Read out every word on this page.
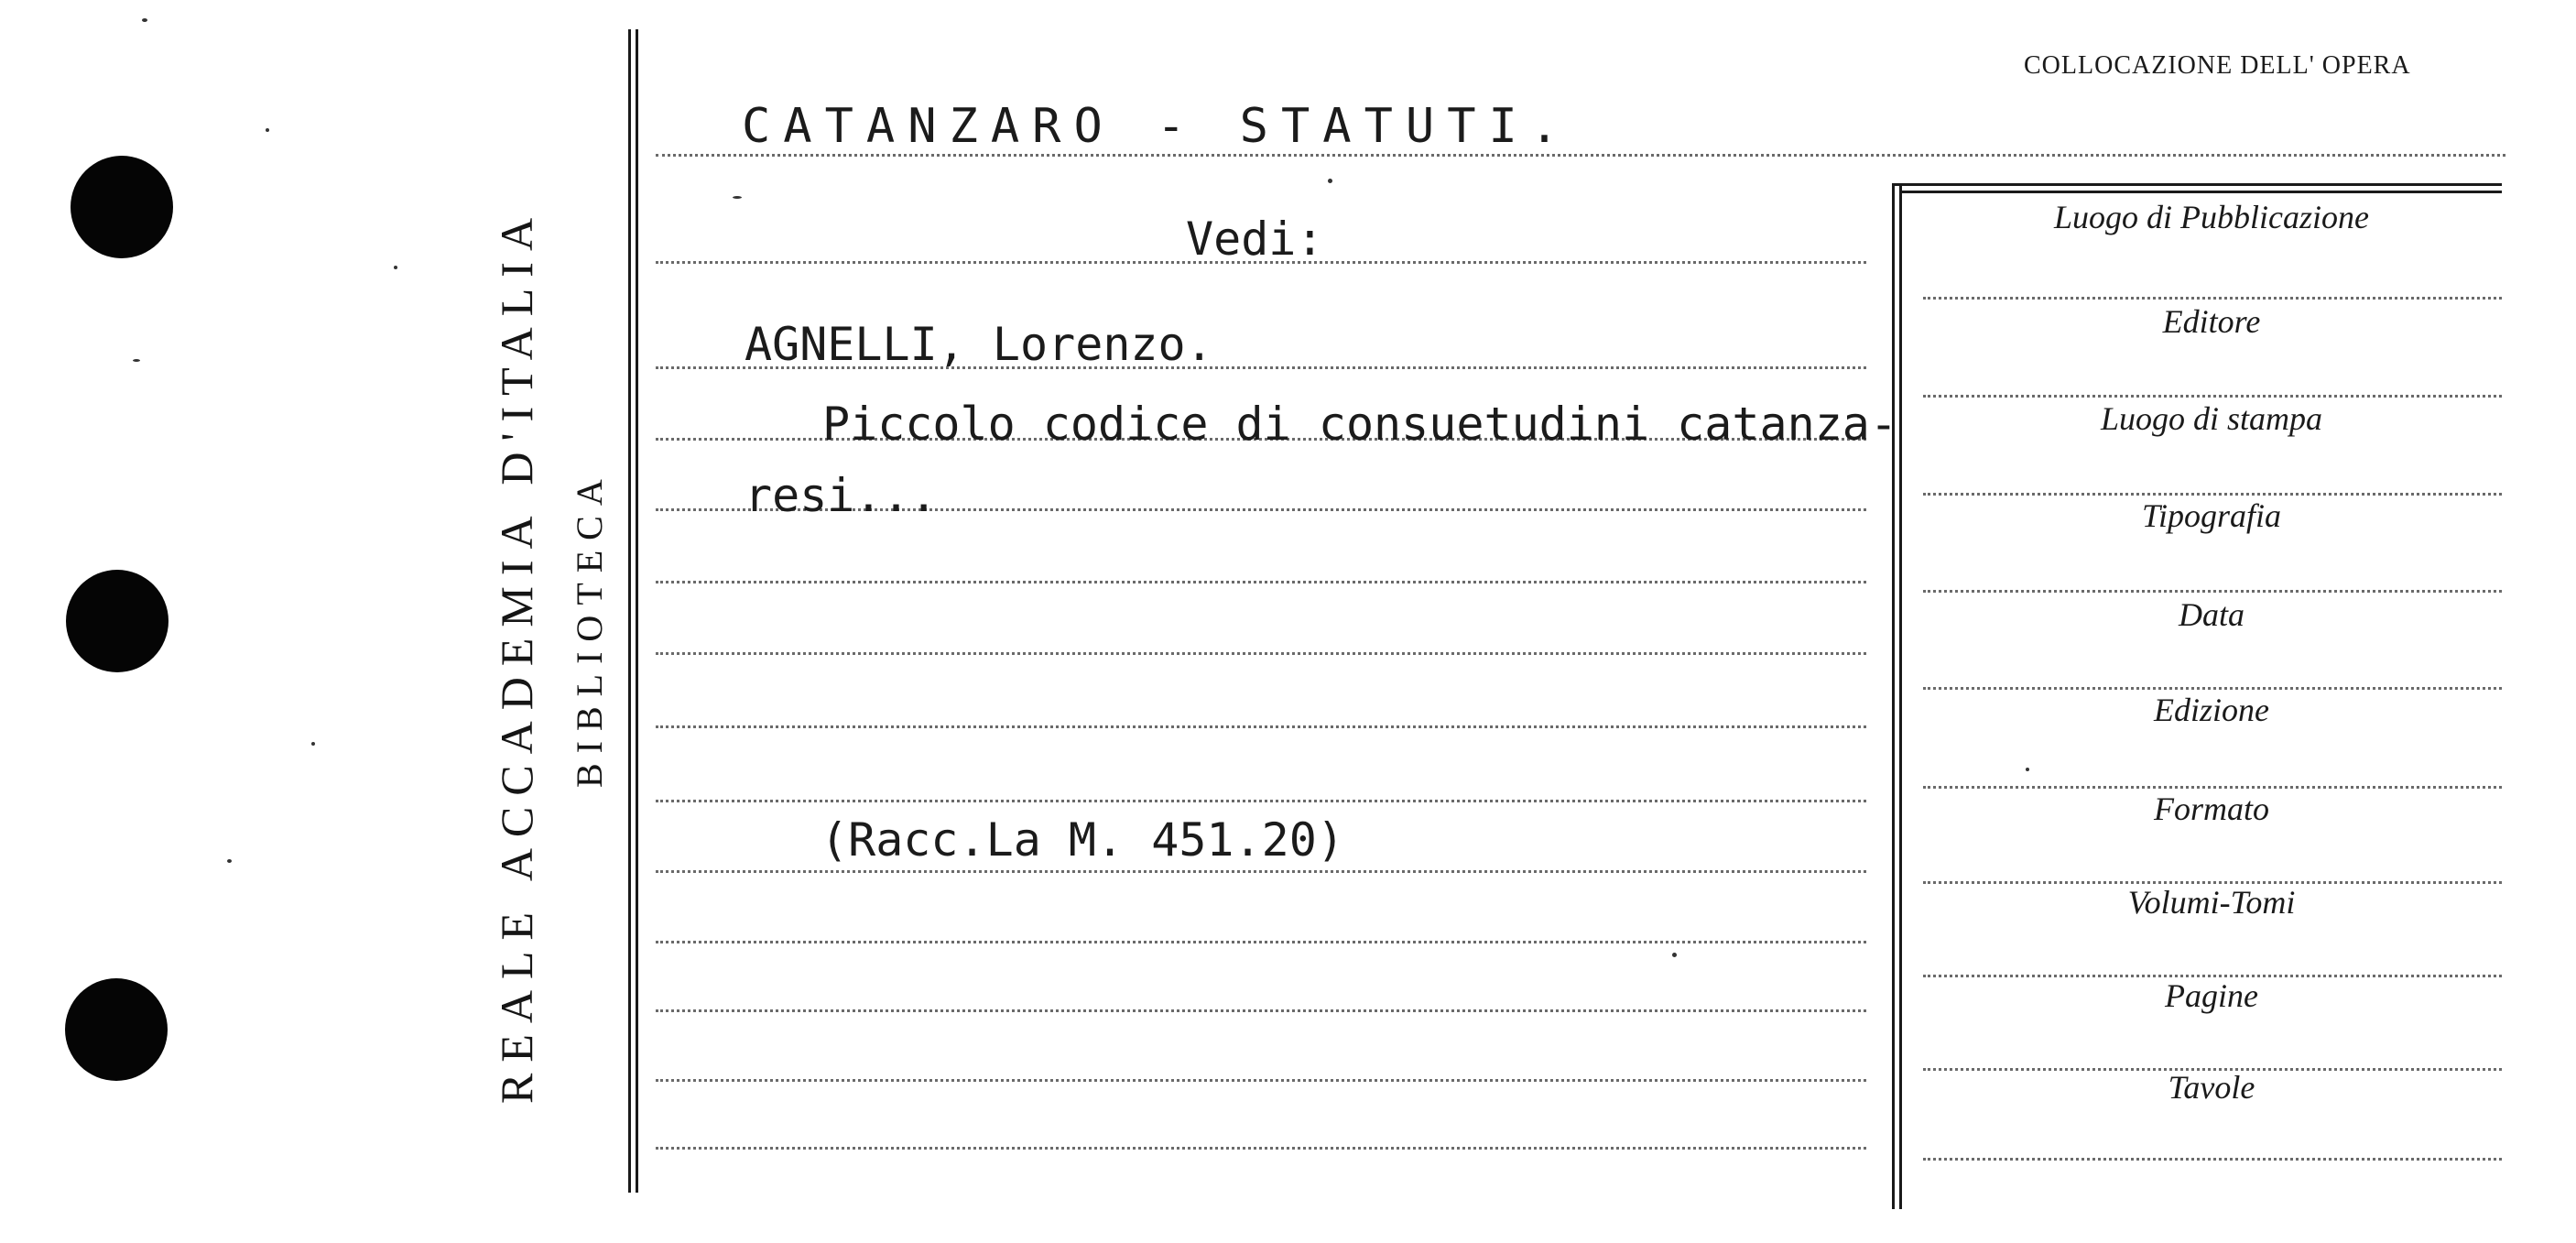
REALE ACCADEMIA D'ITALIA BIBLIOTECA
COLLOCAZIONE DELL' OPERA
CATANZARO - STATUTI.
Vedi:
AGNELLI, Lorenzo.
Piccolo codice di consuetudini catanza-
resi...
(Racc.La M. 451.20)
Luogo di Pubblicazione
Editore
Luogo di stampa
Tipografia
Data
Edizione
Formato
Volumi-Tomi
Pagine
Tavole
